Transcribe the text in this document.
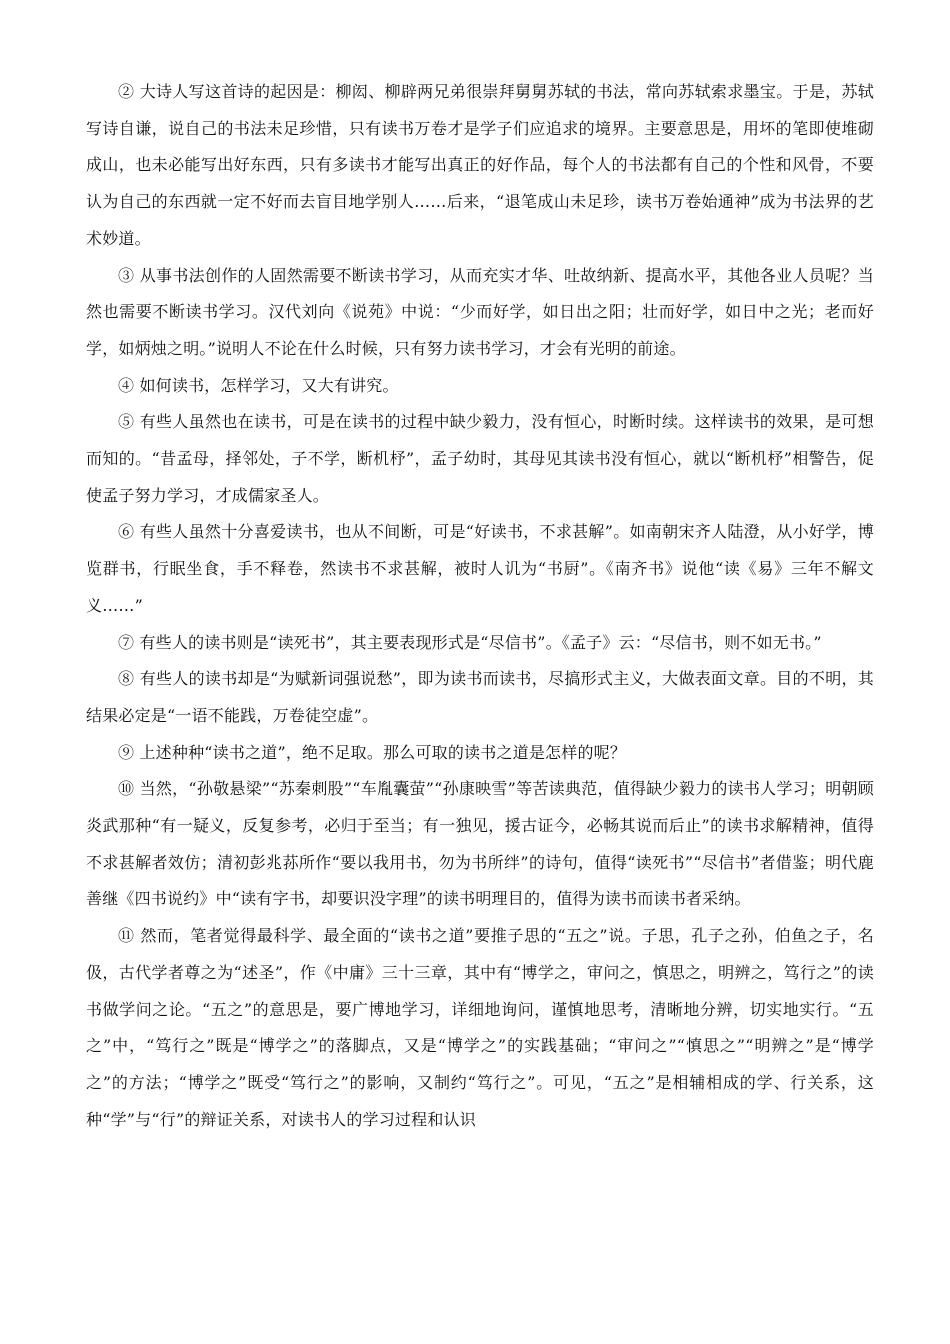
② 大诗人写这首诗的起因是：柳闳、柳辟两兄弟很崇拜舅舅苏轼的书法，常向苏轼索求墨宝。于是，苏轼写诗自谦，说自己的书法未足珍惜，只有读书万卷才是学子们应追求的境界。主要意思是，用坏的笔即使堆砌成山，也未必能写出好东西，只有多读书才能写出真正的好作品，每个人的书法都有自己的个性和风骨，不要认为自己的东西就一定不好而去盲目地学别人……后来，“退笔成山未足珍，读书万卷始通神”成为书法界的艺术妙道。

③ 从事书法创作的人固然需要不断读书学习，从而充实才华、吐故纳新、提高水平，其他各业人员呢？当然也需要不断读书学习。汉代刘向《说苑》中说：“少而好学，如日出之阳；壮而好学，如日中之光；老而好学，如炳烛之明。”说明人不论在什么时候，只有努力读书学习，才会有光明的前途。

④ 如何读书，怎样学习，又大有讲究。

⑤ 有些人虽然也在读书，可是在读书的过程中缺少毅力，没有恒心，时断时续。这样读书的效果，是可想而知的。“昔孟母，择邻处，子不学，断机杼”，孟子幼时，其母见其读书没有恒心，就以“断机杼”相警告，促使孟子努力学习，才成儒家圣人。

⑥ 有些人虽然十分喜爱读书，也从不间断，可是“好读书，不求甚解”。如南朝宋齐人陆澄，从小好学，博览群书，行眠坐食，手不释卷，然读书不求甚解，被时人讥为“书厨”。《南齐书》说他“读《易》三年不解文义……”

⑦ 有些人的读书则是“读死书”，其主要表现形式是“尽信书”。《孟子》云：“尽信书，则不如无书。”

⑧ 有些人的读书却是“为赋新词强说愁”，即为读书而读书，尽搞形式主义，大做表面文章。目的不明，其结果必定是“一语不能践，万卷徒空虚”。

⑨ 上述种种“读书之道”，绝不足取。那么可取的读书之道是怎样的呢？

⑩ 当然，“孙敬悬梁”“苏秦刺股”“车胤囊萤”“孙康映雪”等苦读典范，值得缺少毅力的读书人学习；明朝顾炎武那种“有一疑义，反复参考，必归于至当；有一独见，援古证今，必畅其说而后止”的读书求解精神，值得不求甚解者效仿；清初彭兆荪所作“要以我用书，勿为书所绊”的诗句，值得“读死书”“尽信书”者借鉴；明代鹿善继《四书说约》中“读有字书，却要识没字理”的读书明理目的，值得为读书而读书者采纳。

⑪ 然而，笔者觉得最科学、最全面的“读书之道”要推子思的“五之”说。子思，孔子之孙，伯鱼之子，名伋，古代学者尊之为“述圣”，作《中庸》三十三章，其中有“博学之，审问之，慎思之，明辨之，笃行之”的读书做学问之论。“五之”的意思是，要广博地学习，详细地询问，谨慎地思考，清晰地分辨，切实地实行。“五之”中，“笃行之”既是“博学之”的落脚点，又是“博学之”的实践基础；“审问之”“慎思之”“明辨之”是“博学之”的方法；“博学之”既受“笃行之”的影响，又制约“笃行之”。可见，“五之”是相辅相成的学、行关系，这种“学”与“行”的辩证关系，对读书人的学习过程和认识
